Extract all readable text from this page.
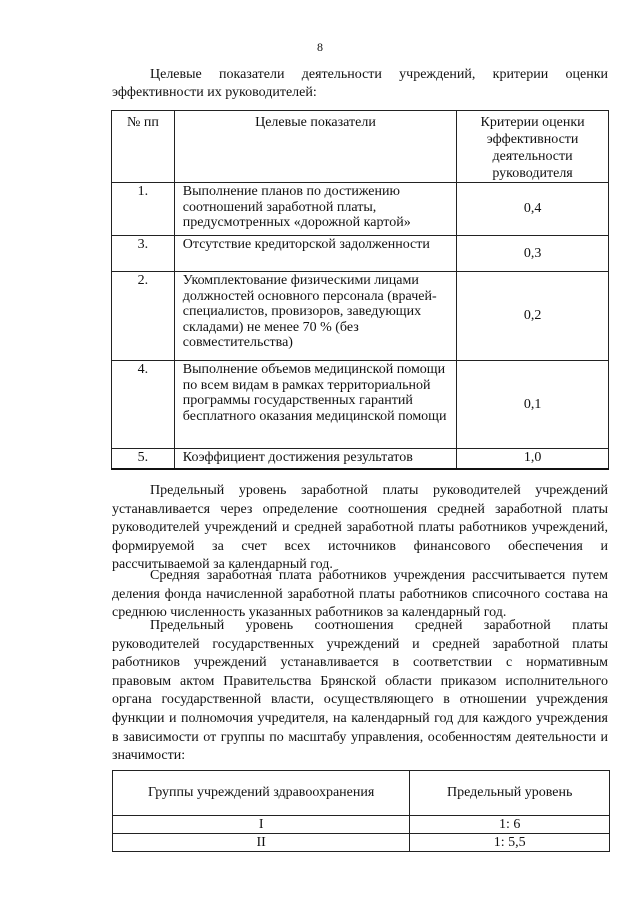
8

Целевые показатели деятельности учреждений, критерии оценки эффективности их руководителей:

№ пп	Целевые показатели	Критерии оценки эффективности деятельности руководителя
1.	Выполнение планов по достижению соотношений заработной платы, предусмотренных «дорожной картой»	0,4
3.	Отсутствие кредиторской задолженности	0,3
2.	Укомплектование физическими лицами должностей основного персонала (врачей-специалистов, провизоров, заведующих складами) не менее 70 % (без совместительства)	0,2
4.	Выполнение объемов медицинской помощи по всем видам в рамках территориальной программы государственных гарантий бесплатного оказания медицинской помощи	0,1
5.	Коэффициент достижения результатов	1,0

Предельный уровень заработной платы руководителей учреждений устанавливается через определение соотношения средней заработной платы руководителей учреждений и средней заработной платы работников учреждений, формируемой за счет всех источников финансового обеспечения и рассчитываемой за календарный год.

Средняя заработная плата работников учреждения рассчитывается путем деления фонда начисленной заработной платы работников списочного состава на среднюю численность указанных работников за календарный год.

Предельный уровень соотношения средней заработной платы руководителей государственных учреждений и средней заработной платы работников учреждений устанавливается в соответствии с нормативным правовым актом Правительства Брянской области приказом исполнительного органа государственной власти, осуществляющего в отношении учреждения функции и полномочия учредителя, на календарный год для каждого учреждения в зависимости от группы по масштабу управления, особенностям деятельности и значимости:

Группы учреждений здравоохранения	Предельный уровень
I	1: 6
II	1: 5,5
